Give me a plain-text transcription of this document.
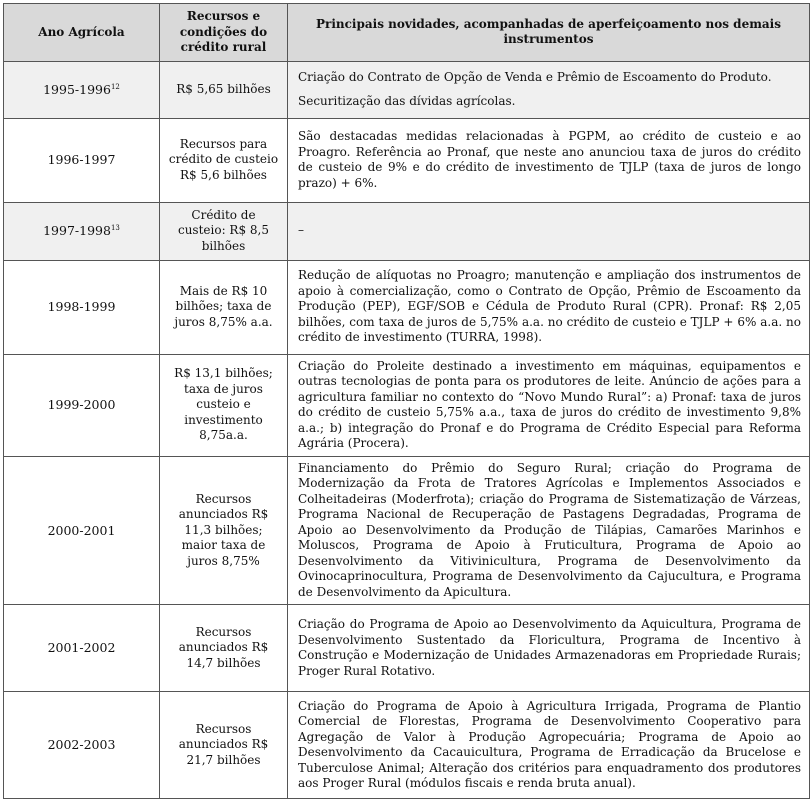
Ano Agrícola	Recursos e condições do crédito rural	Principais novidades, acompanhadas de aperfeiçoamento nos demais instrumentos
1995-1996$^{12}$	R$ 5,65 bilhões	Criação do Contrato de Opção de Venda e Prêmio de Escoamento do Produto.
Securitização das dívidas agrícolas.

1996-1997	Recursos para crédito de custeio R$ 5,6 bilhões	São destacadas medidas relacionadas à PGPM, ao crédito de custeio e ao Proagro. Referência ao Pronaf, que neste ano anunciou taxa de juros do crédito de custeio de 9% e do crédito de investimento de TJLP (taxa de juros de longo prazo) + 6%.

1997-1998$^{13}$	Crédito de custeio: R$ 8,5 bilhões	–

1998-1999	Mais de R$ 10 bilhões; taxa de juros 8,75% a.a.	Redução de alíquotas no Proagro; manutenção e ampliação dos instrumentos de apoio à comercialização, como o Contrato de Opção, Prêmio de Escoamento da Produção (PEP), EGF/SOB e Cédula de Produto Rural (CPR). Pronaf: R$ 2,05 bilhões, com taxa de juros de 5,75% a.a. no crédito de custeio e TJLP + 6% a.a. no crédito de investimento (TURRA, 1998).

1999-2000	R$ 13,1 bilhões; taxa de juros custeio e investimento 8,75a.a.	Criação do Proleite destinado a investimento em máquinas, equipamentos e outras tecnologias de ponta para os produtores de leite. Anúncio de ações para a agricultura familiar no contexto do “Novo Mundo Rural”: a) Pronaf: taxa de juros do crédito de custeio 5,75% a.a., taxa de juros do crédito de investimento 9,8% a.a.; b) integração do Pronaf e do Programa de Crédito Especial para Reforma Agrária (Procera).

2000-2001	Recursos anunciados R$ 11,3 bilhões; maior taxa de juros 8,75%	Financiamento do Prêmio do Seguro Rural; criação do Programa de Modernização da Frota de Tratores Agrícolas e Implementos Associados e Colheitadeiras (Moderfrota); criação do Programa de Sistematização de Várzeas, Programa Nacional de Recuperação de Pastagens Degradadas, Programa de Apoio ao Desenvolvimento da Produção de Tilápias, Camarões Marinhos e Moluscos, Programa de Apoio à Fruticultura, Programa de Apoio ao Desenvolvimento da Vitivinicultura, Programa de Desenvolvimento da Ovinocaprinocultura, Programa de Desenvolvimento da Cajucultura, e Programa de Desenvolvimento da Apicultura.

2001-2002	Recursos anunciados R$ 14,7 bilhões	Criação do Programa de Apoio ao Desenvolvimento da Aquicultura, Programa de Desenvolvimento Sustentado da Floricultura, Programa de Incentivo à Construção e Modernização de Unidades Armazenadoras em Propriedade Rurais; Proger Rural Rotativo.

2002-2003	Recursos anunciados R$ 21,7 bilhões	Criação do Programa de Apoio à Agricultura Irrigada, Programa de Plantio Comercial de Florestas, Programa de Desenvolvimento Cooperativo para Agregação de Valor à Produção Agropecuária; Programa de Apoio ao Desenvolvimento da Cacauicultura, Programa de Erradicação da Brucelose e Tuberculose Animal; Alteração dos critérios para enquadramento dos produtores aos Proger Rural (módulos fiscais e renda bruta anual).
